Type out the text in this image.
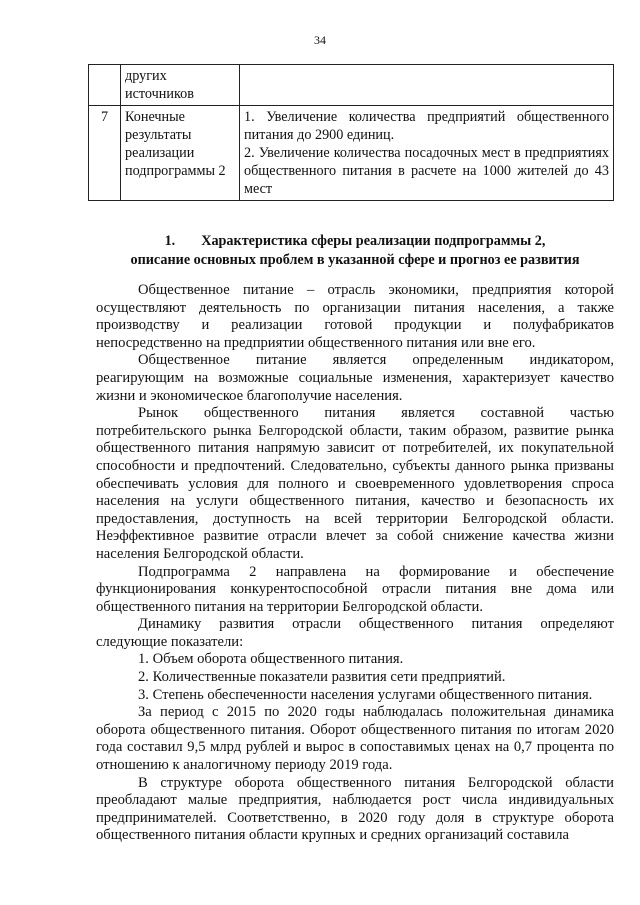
34
	других источников	
7	Конечные результаты реализации подпрограммы 2	1. Увеличение количества предприятий общественного питания до 2900 единиц.
2. Увеличение количества посадочных мест в предприятиях общественного питания в расчете на 1000 жителей до 43 мест
1. Характеристика сферы реализации подпрограммы 2,
описание основных проблем в указанной сфере и прогноз ее развития

Общественное питание – отрасль экономики, предприятия которой осуществляют деятельность по организации питания населения, а также производству и реализации готовой продукции и полуфабрикатов непосредственно на предприятии общественного питания или вне его.

Общественное питание является определенным индикатором, реагирующим на возможные социальные изменения, характеризует качество жизни и экономическое благополучие населения.

Рынок общественного питания является составной частью потребительского рынка Белгородской области, таким образом, развитие рынка общественного питания напрямую зависит от потребителей, их покупательной способности и предпочтений. Следовательно, субъекты данного рынка призваны обеспечивать условия для полного и своевременного удовлетворения спроса населения на услуги общественного питания, качество и безопасность их предоставления, доступность на всей территории Белгородской области. Неэффективное развитие отрасли влечет за собой снижение качества жизни населения Белгородской области.

Подпрограмма 2 направлена на формирование и обеспечение функционирования конкурентоспособной отрасли питания вне дома или общественного питания на территории Белгородской области.

Динамику развития отрасли общественного питания определяют следующие показатели:

1. Объем оборота общественного питания.

2. Количественные показатели развития сети предприятий.

3. Степень обеспеченности населения услугами общественного питания.

За период с 2015 по 2020 годы наблюдалась положительная динамика оборота общественного питания. Оборот общественного питания по итогам 2020 года составил 9,5 млрд рублей и вырос в сопоставимых ценах на 0,7 процента по отношению к аналогичному периоду 2019 года.

В структуре оборота общественного питания Белгородской области преобладают малые предприятия, наблюдается рост числа индивидуальных предпринимателей. Соответственно, в 2020 году доля в структуре оборота общественного питания области крупных и средних организаций составила
